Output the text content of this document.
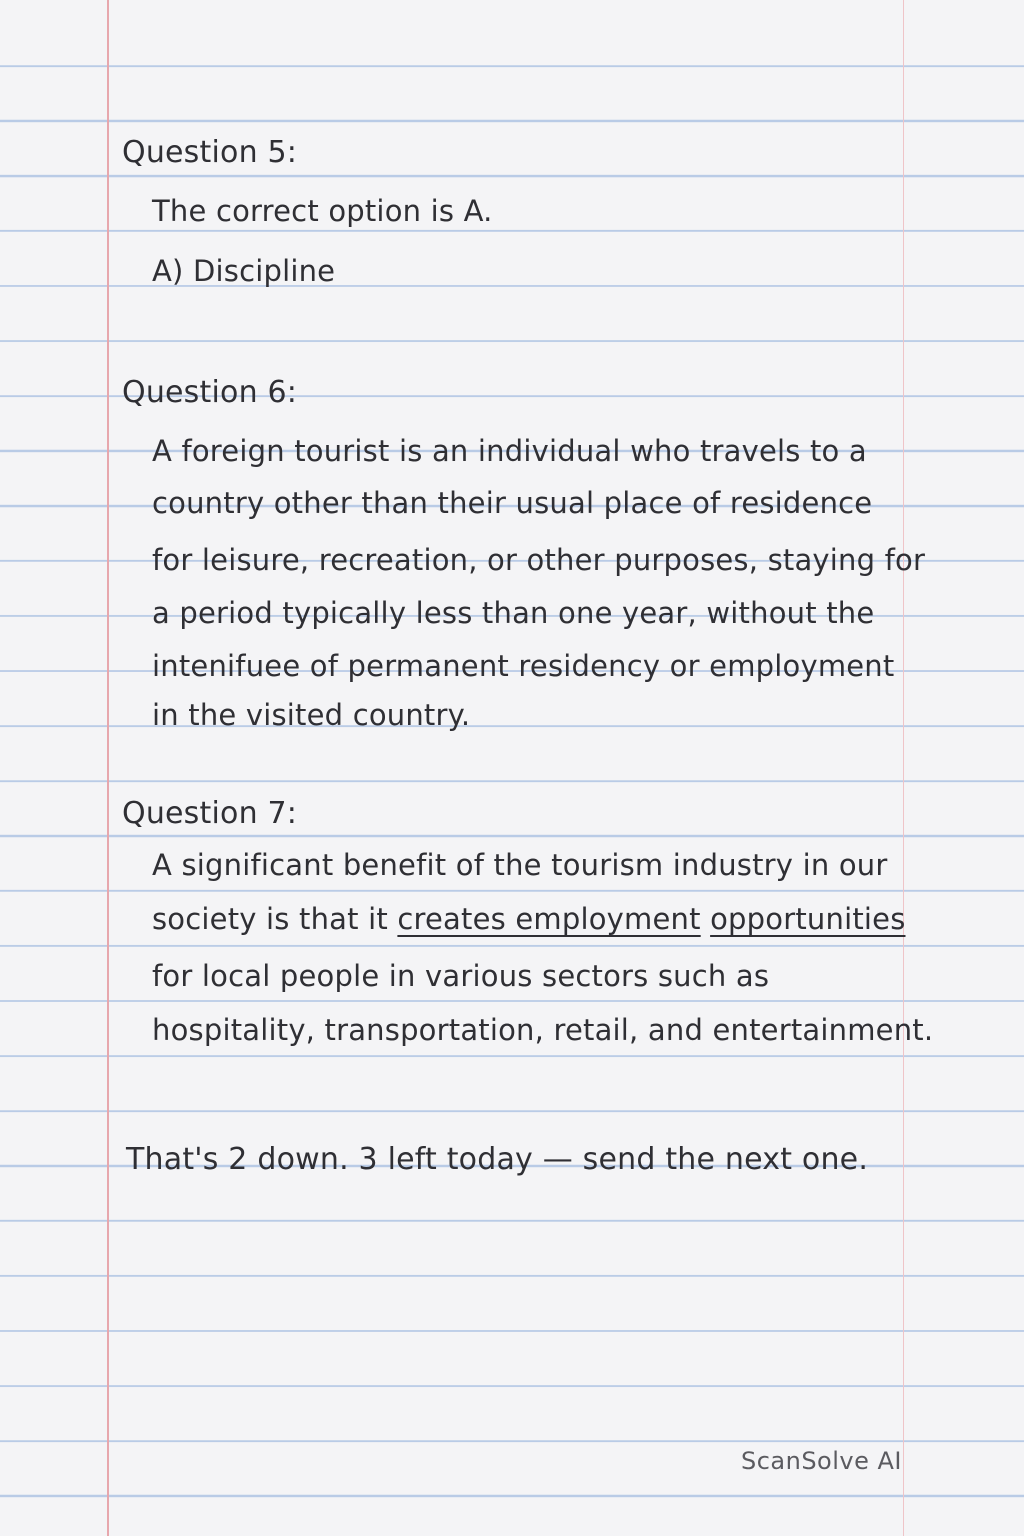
Question 5:
The correct option is A.
A) Discipline
Question 6:
A foreign tourist is an individual who travels to a
country other than their usual place of residence
for leisure, recreation, or other purposes, staying for
a period typically less than one year, without the
intenifuee of permanent residency or employment
in the visited country.
Question 7:
A significant benefit of the tourism industry in our
society is that it creates employment opportunities
for local people in various sectors such as
hospitality, transportation, retail, and entertainment.
That's 2 down. 3 left today — send the next one.
ScanSolve AI
